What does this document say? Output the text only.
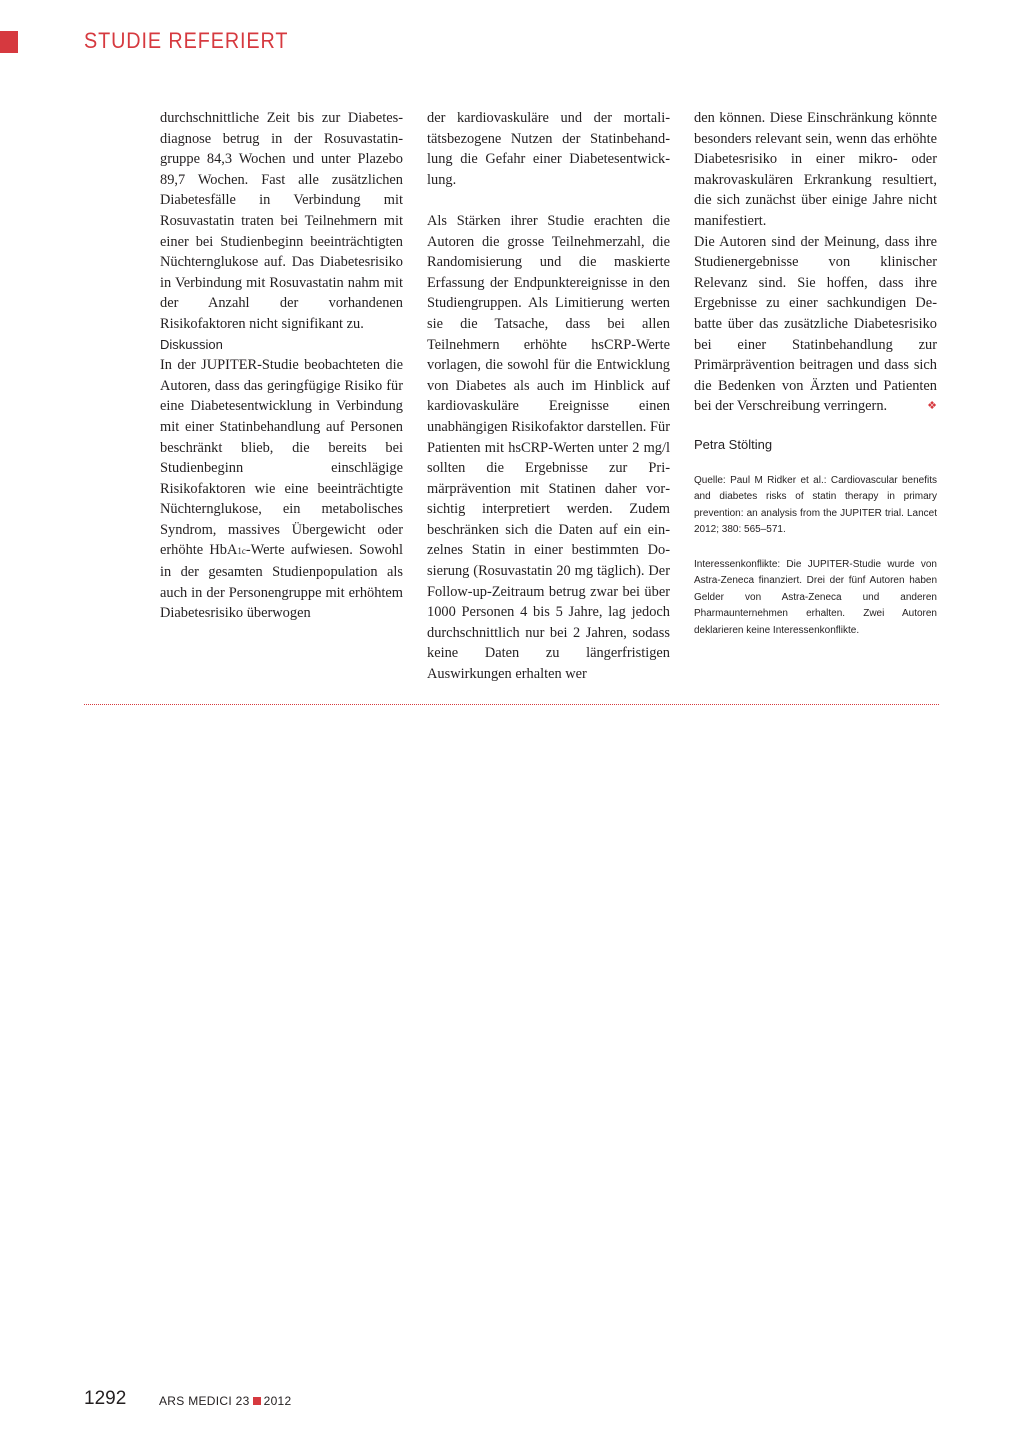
STUDIE REFERIERT

durchschnittliche Zeit bis zur Diabetesdiagnose betrug in der Rosuvastatingruppe 84,3 Wochen und unter Plazebo 89,7 Wochen. Fast alle zusätzlichen Diabetesfälle in Verbindung mit Rosuvastatin traten bei Teilnehmern mit einer bei Studienbeginn beeinträchtigten Nüchternglukose auf. Das Diabetesrisiko in Verbindung mit Rosuvastatin nahm mit der Anzahl der vorhandenen Risikofaktoren nicht signifikant zu.

Diskussion

In der JUPITER-Studie beobachteten die Autoren, dass das geringfügige Risiko für eine Diabetesentwicklung in Verbindung mit einer Statinbehandlung auf Personen beschränkt blieb, die bereits bei Studienbeginn einschlägige Risikofaktoren wie eine beeinträchtigte Nüchternglukose, ein metabolisches Syndrom, massives Übergewicht oder erhöhte HbA1c-Werte aufwiesen. Sowohl in der gesamten Studienpopulation als auch in der Personengruppe mit erhöhtem Diabetesrisiko überwogen

der kardiovaskuläre und der mortalitätsbezogene Nutzen der Statinbehandlung die Gefahr einer Diabetesentwicklung.

Als Stärken ihrer Studie erachten die Autoren die grosse Teilnehmerzahl, die Randomisierung und die maskierte Erfassung der Endpunktereignisse in den Studiengruppen. Als Limitierung werten sie die Tatsache, dass bei allen Teilnehmern erhöhte hsCRP-Werte vorlagen, die sowohl für die Entwicklung von Diabetes als auch im Hinblick auf kardiovaskuläre Ereignisse einen unabhängigen Risikofaktor darstellen. Für Patienten mit hsCRP-Werten unter 2 mg/l sollten die Ergebnisse zur Primärprävention mit Statinen daher vorsichtig interpretiert werden. Zudem beschränken sich die Daten auf ein einzelnes Statin in einer bestimmten Dosierung (Rosuvastatin 20 mg täglich). Der Follow-up-Zeitraum betrug zwar bei über 1000 Personen 4 bis 5 Jahre, lag jedoch durchschnittlich nur bei 2 Jahren, sodass keine Daten zu längerfristigen Auswirkungen erhalten wer

den können. Diese Einschränkung könnte besonders relevant sein, wenn das erhöhte Diabetesrisiko in einer mikro- oder makrovaskulären Erkrankung resultiert, die sich zunächst über einige Jahre nicht manifestiert.

Die Autoren sind der Meinung, dass ihre Studienergebnisse von klinischer Relevanz sind. Sie hoffen, dass ihre Ergebnisse zu einer sachkundigen Debatte über das zusätzliche Diabetesrisiko bei einer Statinbehandlung zur Primärprävention beitragen und dass sich die Bedenken von Ärzten und Patienten bei der Verschreibung verringern.	❖

Petra Stölting
Quelle: Paul M Ridker et al.: Cardiovascular benefits and diabetes risks of statin therapy in primary prevention: an analysis from the JUPITER trial. Lancet 2012; 380: 565–571.
Interessenkonflikte: Die JUPITER-Studie wurde von Astra-Zeneca finanziert. Drei der fünf Autoren haben Gelder von Astra-Zeneca und anderen Pharmaunternehmen erhalten. Zwei Autoren deklarieren keine Interessenkonflikte.
1292	ARS MEDICI 23 2012
